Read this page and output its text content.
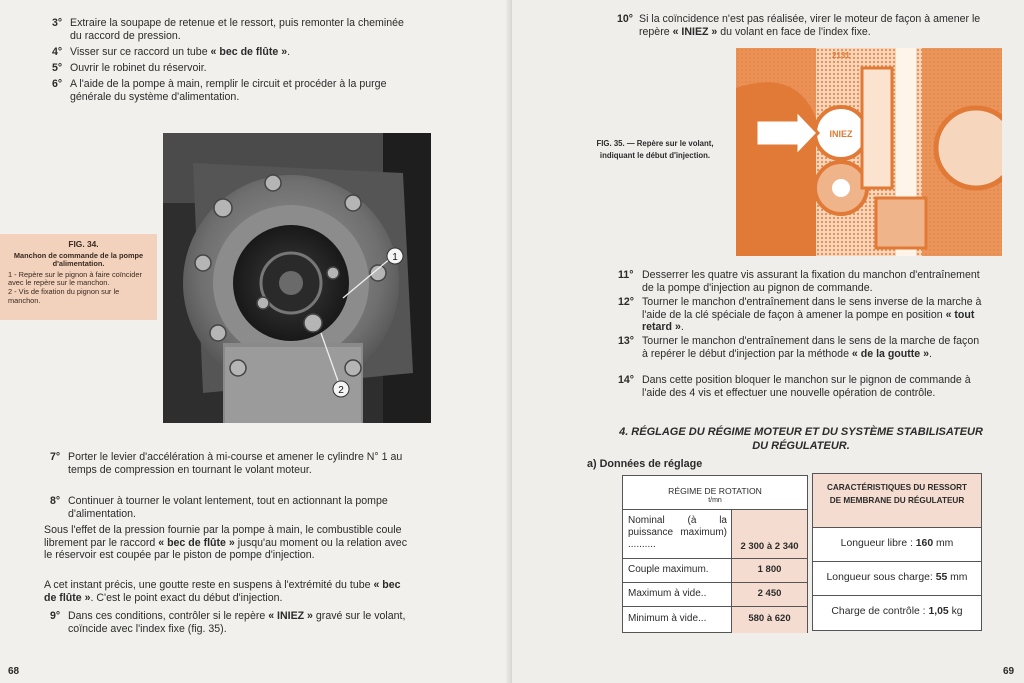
3° Extraire la soupape de retenue et le ressort, puis remonter la cheminée du raccord de pression.
4° Visser sur ce raccord un tube « bec de flûte ».
5° Ouvrir le robinet du réservoir.
6° A l'aide de la pompe à main, remplir le circuit et procéder à la purge générale du système d'alimentation.
FIG. 34.
Manchon de commande de la pompe d'alimentation.
1 - Repère sur le pignon à faire coïncider avec le repère sur le manchon.
2 - Vis de fixation du pignon sur le manchon.
1
2
7° Porter le levier d'accélération à mi-course et amener le cylindre N° 1 au temps de compression en tournant le volant moteur.
8° Continuer à tourner le volant lentement, tout en actionnant la pompe d'alimentation.
Sous l'effet de la pression fournie par la pompe à main, le combustible coule librement par le raccord « bec de flûte » jusqu'au moment ou la relation avec le réservoir est coupée par le piston de pompe d'injection.
A cet instant précis, une goutte reste en suspens à l'extrémité du tube « bec de flûte ». C'est le point exact du début d'injection.
9° Dans ces conditions, contrôler si le repère « INIEZ » gravé sur le volant, coïncide avec l'index fixe (fig. 35).
68
10° Si la coïncidence n'est pas réalisée, virer le moteur de façon à amener le repère « INIEZ » du volant en face de l'index fixe.
FIG. 35. — Repère sur le volant, indiquant le début d'injection.
2131
INIEZ
11° Desserrer les quatre vis assurant la fixation du manchon d'entraînement de la pompe d'injection au pignon de commande.
12° Tourner le manchon d'entraînement dans le sens inverse de la marche à l'aide de la clé spéciale de façon à amener la pompe en position « tout retard ».
13° Tourner le manchon d'entraînement dans le sens de la marche de façon à repérer le début d'injection par la méthode « de la goutte ».
14° Dans cette position bloquer le manchon sur le pignon de commande à l'aide des 4 vis et effectuer une nouvelle opération de contrôle.
4. RÉGLAGE DU RÉGIME MOTEUR ET DU SYSTÈME STABILISATEUR
DU RÉGULATEUR.
a) Données de réglage
RÉGIME DE ROTATION
t/mn
Nominal (à la puissance maximum) ..........	2 300 à 2 340
Couple maximum.	1 800
Maximum à vide..	2 450
Minimum à vide...	580 à 620
CARACTÉRISTIQUES DU RESSORT DE MEMBRANE DU RÉGULATEUR
Longueur libre : 160 mm
Longueur sous charge: 55 mm
Charge de contrôle : 1,05 kg
69
